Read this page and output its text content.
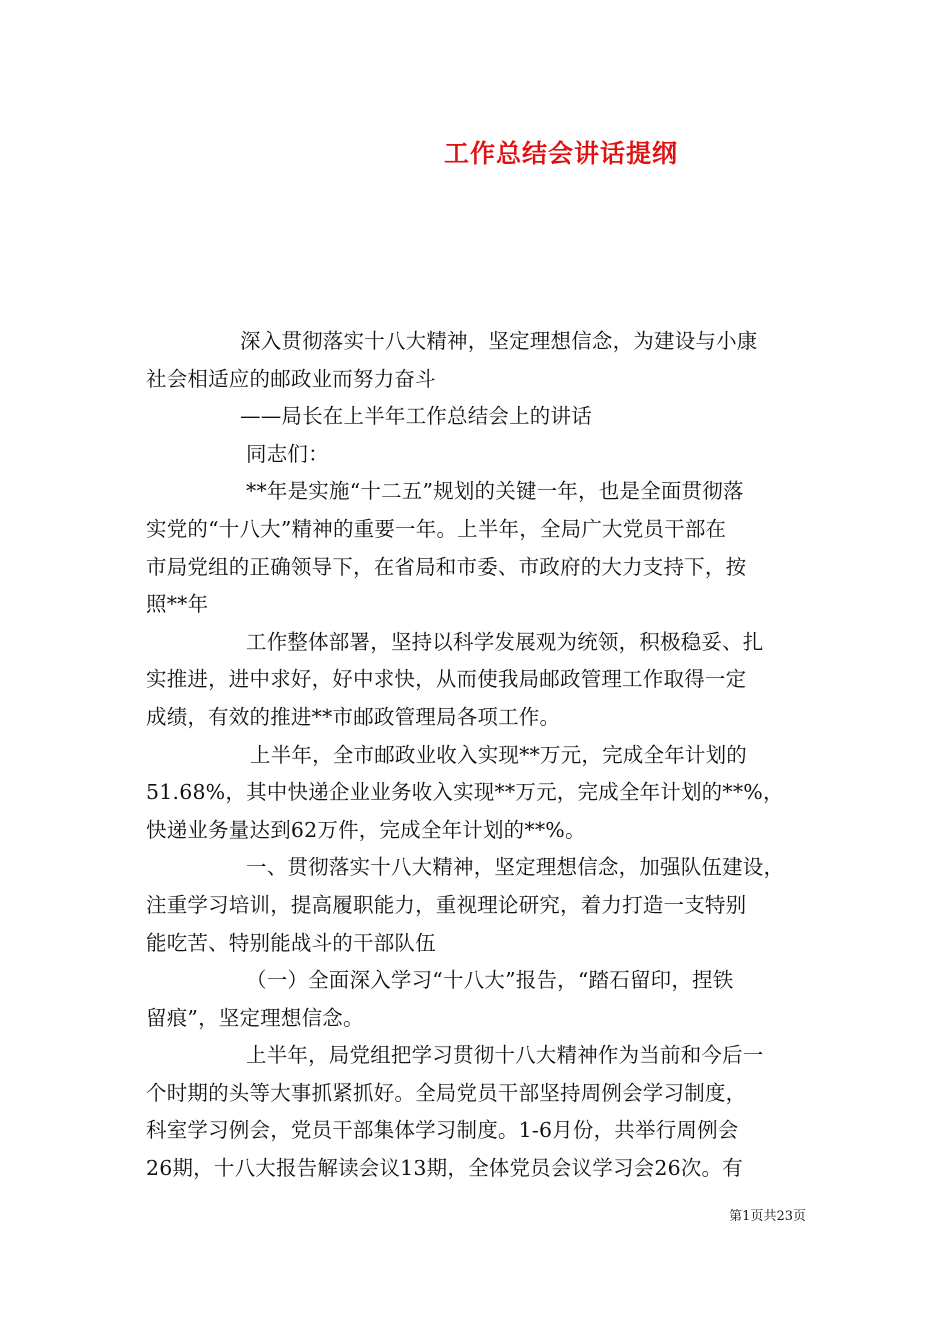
工作总结会讲话提纲
深入贯彻落实十八大精神，坚定理想信念，为建设与小康
社会相适应的邮政业而努力奋斗
——局长在上半年工作总结会上的讲话
同志们：
**年是实施“十二五”规划的关键一年，也是全面贯彻落
实党的“十八大”精神的重要一年。上半年，全局广大党员干部在
市局党组的正确领导下，在省局和市委、市政府的大力支持下，按
照**年
工作整体部署，坚持以科学发展观为统领，积极稳妥、扎
实推进，进中求好，好中求快，从而使我局邮政管理工作取得一定
成绩，有效的推进**市邮政管理局各项工作。
上半年，全市邮政业收入实现**万元，完成全年计划的
51.68%，其中快递企业业务收入实现**万元，完成全年计划的**%，
快递业务量达到62万件，完成全年计划的**%。
一、贯彻落实十八大精神，坚定理想信念，加强队伍建设，
注重学习培训，提高履职能力，重视理论研究，着力打造一支特别
能吃苦、特别能战斗的干部队伍
（一）全面深入学习“十八大”报告，“踏石留印，捏铁
留痕”，坚定理想信念。
上半年，局党组把学习贯彻十八大精神作为当前和今后一
个时期的头等大事抓紧抓好。全局党员干部坚持周例会学习制度，
科室学习例会，党员干部集体学习制度。1-6月份，共举行周例会
26期，十八大报告解读会议13期，全体党员会议学习会26次。有
第1页共23页
